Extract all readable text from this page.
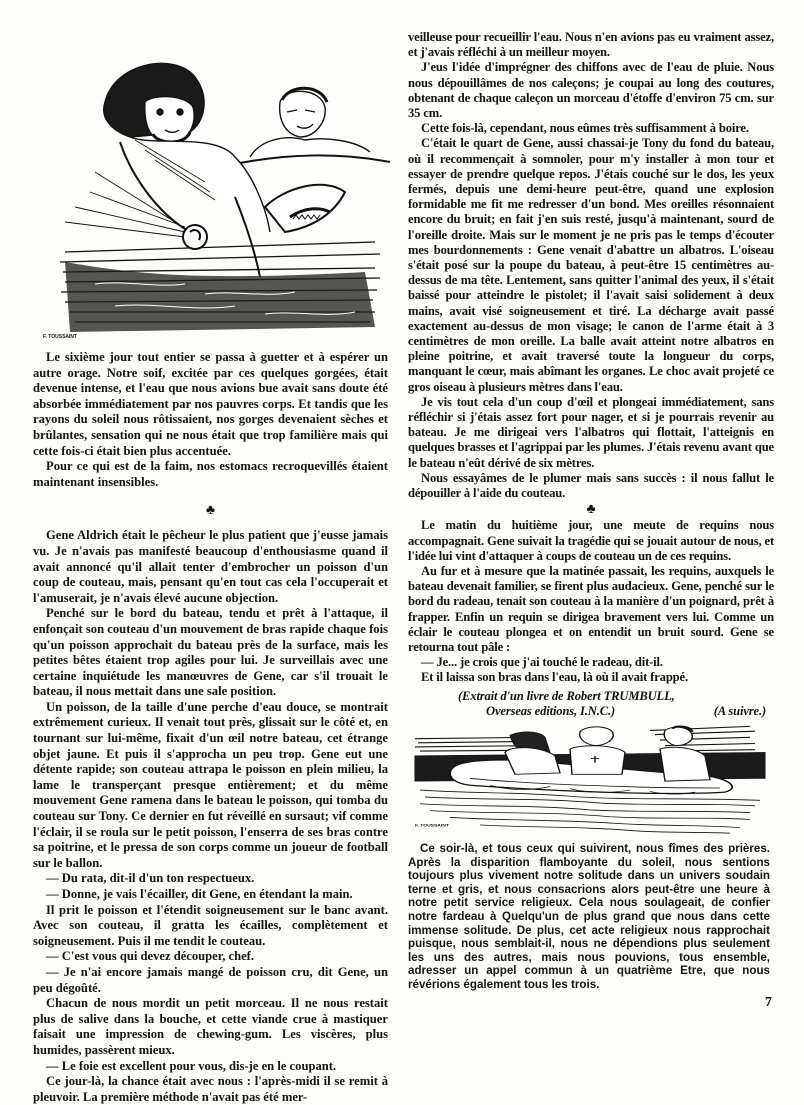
F. TOUSSAINT

Le sixième jour tout entier se passa à guetter et à espérer un autre orage. Notre soif, excitée par ces quelques gorgées, était devenue intense, et l'eau que nous avions bue avait sans doute été absorbée immédiatement par nos pauvres corps. Et tandis que les rayons du soleil nous rôtissaient, nos gorges devenaient sèches et brûlantes, sensation qui ne nous était que trop familière mais qui cette fois-ci était bien plus accentuée.

Pour ce qui est de la faim, nos estomacs recroquevillés étaient maintenant insensibles.

♣

Gene Aldrich était le pêcheur le plus patient que j'eusse jamais vu. Je n'avais pas manifesté beaucoup d'enthousiasme quand il avait annoncé qu'il allait tenter d'embrocher un poisson d'un coup de couteau, mais, pensant qu'en tout cas cela l'occuperait et l'amuserait, je n'avais élevé aucune objection.

Penché sur le bord du bateau, tendu et prêt à l'attaque, il enfonçait son couteau d'un mouvement de bras rapide chaque fois qu'un poisson approchait du bateau près de la surface, mais les petites bêtes étaient trop agiles pour lui. Je surveillais avec une certaine inquiétude les manœuvres de Gene, car s'il trouait le bateau, il nous mettait dans une sale position.

Un poisson, de la taille d'une perche d'eau douce, se montrait extrêmement curieux. Il venait tout près, glissait sur le côté et, en tournant sur lui-même, fixait d'un œil notre bateau, cet étrange objet jaune. Et puis il s'approcha un peu trop. Gene eut une détente rapide; son couteau attrapa le poisson en plein milieu, la lame le transperçant presque entièrement; et du même mouvement Gene ramena dans le bateau le poisson, qui tomba du couteau sur Tony. Ce dernier en fut réveillé en sursaut; vif comme l'éclair, il se roula sur le petit poisson, l'enserra de ses bras contre sa poitrine, et le pressa de son corps comme un joueur de football sur le ballon.

— Du rata, dit-il d'un ton respectueux.

— Donne, je vais l'écailler, dit Gene, en étendant la main.

Il prit le poisson et l'étendit soigneusement sur le banc avant. Avec son couteau, il gratta les écailles, complètement et soigneusement. Puis il me tendit le couteau.

— C'est vous qui devez découper, chef.

— Je n'ai encore jamais mangé de poisson cru, dit Gene, un peu dégoûté.

Chacun de nous mordit un petit morceau. Il ne nous restait plus de salive dans la bouche, et cette viande crue à mastiquer faisait une impression de chewing-gum. Les viscères, plus humides, passèrent mieux.

— Le foie est excellent pour vous, dis-je en le coupant.

Ce jour-là, la chance était avec nous : l'après-midi il se remit à pleuvoir. La première méthode n'avait pas été mer-

veilleuse pour recueillir l'eau. Nous n'en avions pas eu vraiment assez, et j'avais réfléchi à un meilleur moyen.

J'eus l'idée d'imprégner des chiffons avec de l'eau de pluie. Nous nous dépouillâmes de nos caleçons; je coupai au long des coutures, obtenant de chaque caleçon un morceau d'étoffe d'environ 75 cm. sur 35 cm.

Cette fois-là, cependant, nous eûmes très suffisamment à boire.

C'était le quart de Gene, aussi chassai-je Tony du fond du bateau, où il recommençait à somnoler, pour m'y installer à mon tour et essayer de prendre quelque repos. J'étais couché sur le dos, les yeux fermés, depuis une demi-heure peut-être, quand une explosion formidable me fit me redresser d'un bond. Mes oreilles résonnaient encore du bruit; en fait j'en suis resté, jusqu'à maintenant, sourd de l'oreille droite. Mais sur le moment je ne pris pas le temps d'écouter mes bourdonnements : Gene venait d'abattre un albatros. L'oiseau s'était posé sur la poupe du bateau, à peut-être 15 centimètres au-dessus de ma tête. Lentement, sans quitter l'animal des yeux, il s'était baissé pour atteindre le pistolet; il l'avait saisi solidement à deux mains, avait visé soigneusement et tiré. La décharge avait passé exactement au-dessus de mon visage; le canon de l'arme était à 3 centimètres de mon oreille. La balle avait atteint notre albatros en pleine poitrine, et avait traversé toute la longueur du corps, manquant le cœur, mais abîmant les organes. Le choc avait projeté ce gros oiseau à plusieurs mètres dans l'eau.

Je vis tout cela d'un coup d'œil et plongeai immédiatement, sans réfléchir si j'étais assez fort pour nager, et si je pourrais revenir au bateau. Je me dirigeai vers l'albatros qui flottait, l'atteignis en quelques brasses et l'agrippai par les plumes. J'étais revenu avant que le bateau n'eût dérivé de six mètres.

Nous essayâmes de le plumer mais sans succès : il nous fallut le dépouiller à l'aide du couteau.

♣

Le matin du huitième jour, une meute de requins nous accompagnait. Gene suivait la tragédie qui se jouait autour de nous, et l'idée lui vint d'attaquer à coups de couteau un de ces requins.

Au fur et à mesure que la matinée passait, les requins, auxquels le bateau devenait familier, se firent plus audacieux. Gene, penché sur le bord du radeau, tenait son couteau à la manière d'un poignard, prêt à frapper. Enfin un requin se dirigea bravement vers lui. Comme un éclair le couteau plongea et on entendit un bruit sourd. Gene se retourna tout pâle :

— Je... je crois que j'ai touché le radeau, dit-il.

Et il laissa son bras dans l'eau, là où il avait frappé.

(Extrait d'un livre de Robert TRUMBULL,
Overseas editions, I.N.C.)	(A suivre.)
F. TOUSSAINT

Ce soir-là, et tous ceux qui suivirent, nous fîmes des prières. Après la disparition flamboyante du soleil, nous sentions toujours plus vivement notre solitude dans un univers soudain terne et gris, et nous consacrions alors peut-être une heure à notre petit service religieux. Cela nous soulageait, de confier notre fardeau à Quelqu'un de plus grand que nous dans cette immense solitude. De plus, cet acte religieux nous rapprochait puisque, nous semblait-il, nous ne dépendions plus seulement les uns des autres, mais nous pouvions, tous ensemble, adresser un appel commun à un quatrième Etre, que nous révérions également tous les trois.

7
